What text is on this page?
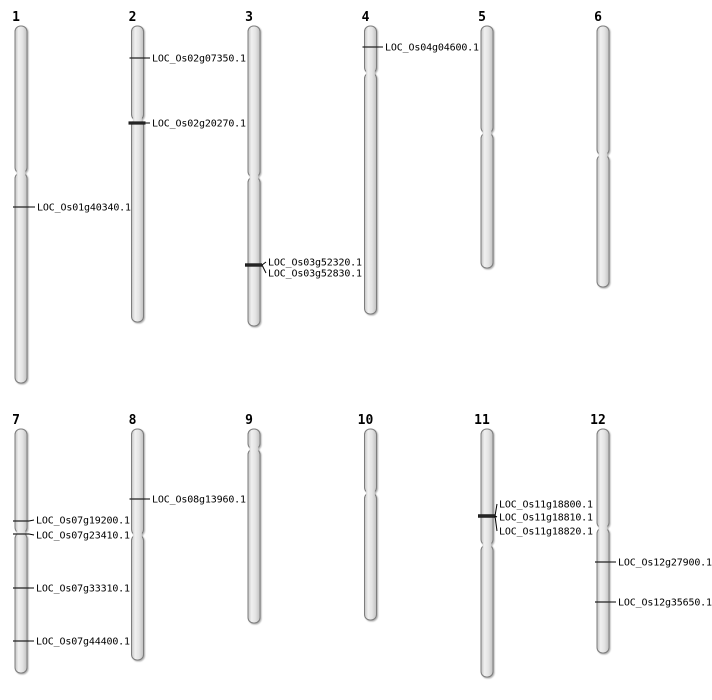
1
LOC_Os01g40340.1
2
LOC_Os02g07350.1
LOC_Os02g20270.1
3
LOC_Os03g52320.1
LOC_Os03g52830.1
4
LOC_Os04g04600.1
5	6
7
LOC_Os07g19200.1
LOC_Os07g23410.1
LOC_Os07g33310.1
LOC_Os07g44400.1
8
LOC_Os08g13960.1
9	10	11
LOC_Os11g18800.1
LOC_Os11g18810.1
LOC_Os11g18820.1
12
LOC_Os12g27900.1
LOC_Os12g35650.1
